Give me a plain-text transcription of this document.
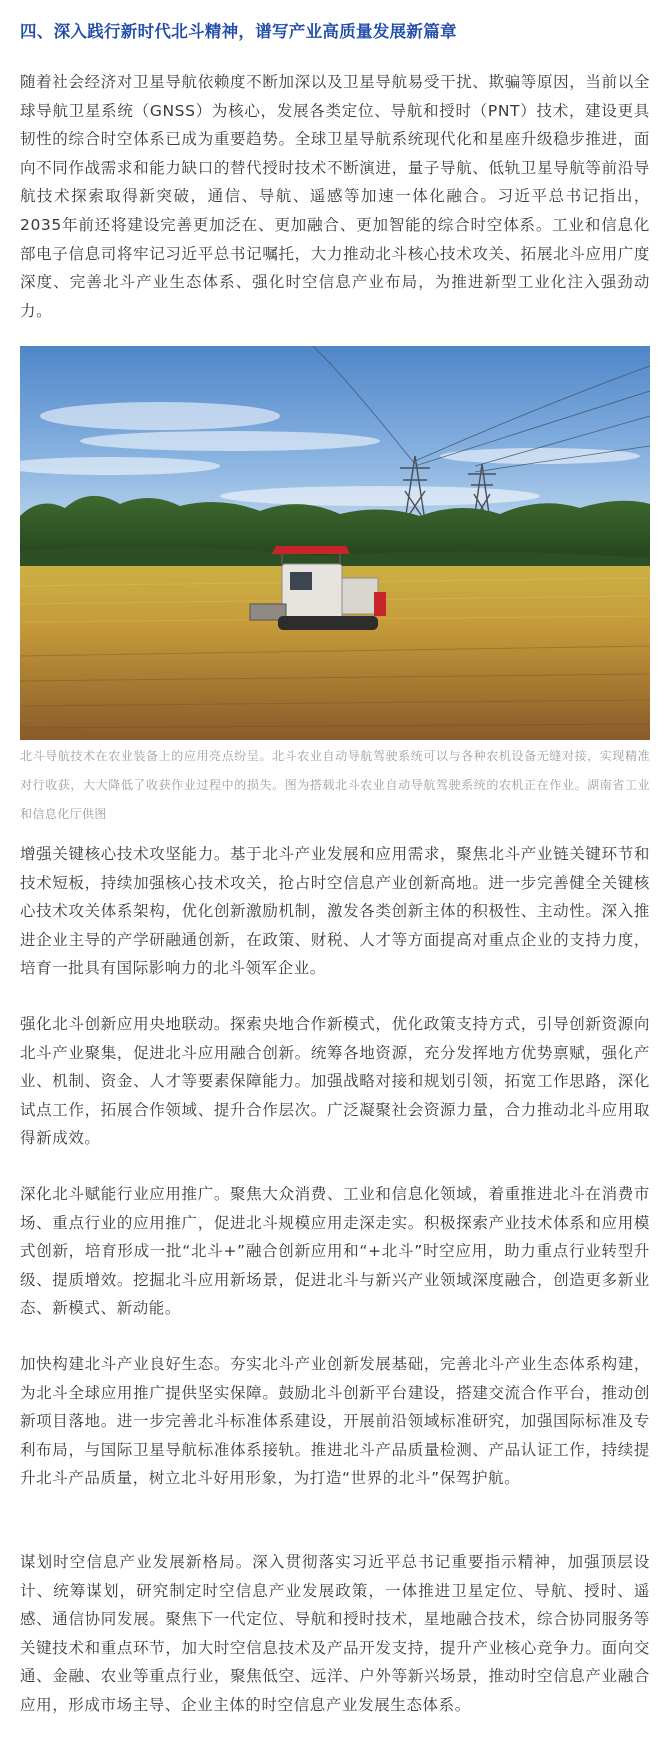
四、深入践行新时代北斗精神，谱写产业高质量发展新篇章

随着社会经济对卫星导航依赖度不断加深以及卫星导航易受干扰、欺骗等原因，当前以全球导航卫星系统（GNSS）为核心，发展各类定位、导航和授时（PNT）技术，建设更具韧性的综合时空体系已成为重要趋势。全球卫星导航系统现代化和星座升级稳步推进，面向不同作战需求和能力缺口的替代授时技术不断演进，量子导航、低轨卫星导航等前沿导航技术探索取得新突破，通信、导航、遥感等加速一体化融合。习近平总书记指出，2035年前还将建设完善更加泛在、更加融合、更加智能的综合时空体系。工业和信息化部电子信息司将牢记习近平总书记嘱托，大力推动北斗核心技术攻关、拓展北斗应用广度深度、完善北斗产业生态体系、强化时空信息产业布局，为推进新型工业化注入强劲动力。

北斗导航技术在农业装备上的应用亮点纷呈。北斗农业自动导航驾驶系统可以与各种农机设备无缝对接，实现精准对行收获，大大降低了收获作业过程中的损失。图为搭载北斗农业自动导航驾驶系统的农机正在作业。湖南省工业和信息化厅供图

增强关键核心技术攻坚能力。基于北斗产业发展和应用需求，聚焦北斗产业链关键环节和技术短板，持续加强核心技术攻关，抢占时空信息产业创新高地。进一步完善健全关键核心技术攻关体系架构，优化创新激励机制，激发各类创新主体的积极性、主动性。深入推进企业主导的产学研融通创新，在政策、财税、人才等方面提高对重点企业的支持力度，培育一批具有国际影响力的北斗领军企业。

强化北斗创新应用央地联动。探索央地合作新模式，优化政策支持方式，引导创新资源向北斗产业聚集，促进北斗应用融合创新。统筹各地资源，充分发挥地方优势禀赋，强化产业、机制、资金、人才等要素保障能力。加强战略对接和规划引领，拓宽工作思路，深化试点工作，拓展合作领域、提升合作层次。广泛凝聚社会资源力量，合力推动北斗应用取得新成效。

深化北斗赋能行业应用推广。聚焦大众消费、工业和信息化领域，着重推进北斗在消费市场、重点行业的应用推广，促进北斗规模应用走深走实。积极探索产业技术体系和应用模式创新，培育形成一批“北斗+”融合创新应用和“+北斗”时空应用，助力重点行业转型升级、提质增效。挖掘北斗应用新场景，促进北斗与新兴产业领域深度融合，创造更多新业态、新模式、新动能。

加快构建北斗产业良好生态。夯实北斗产业创新发展基础，完善北斗产业生态体系构建，为北斗全球应用推广提供坚实保障。鼓励北斗创新平台建设，搭建交流合作平台，推动创新项目落地。进一步完善北斗标准体系建设，开展前沿领域标准研究，加强国际标准及专利布局，与国际卫星导航标准体系接轨。推进北斗产品质量检测、产品认证工作，持续提升北斗产品质量，树立北斗好用形象，为打造“世界的北斗”保驾护航。

谋划时空信息产业发展新格局。深入贯彻落实习近平总书记重要指示精神，加强顶层设计、统筹谋划，研究制定时空信息产业发展政策，一体推进卫星定位、导航、授时、遥感、通信协同发展。聚焦下一代定位、导航和授时技术，星地融合技术，综合协同服务等关键技术和重点环节，加大时空信息技术及产品开发支持，提升产业核心竞争力。面向交通、金融、农业等重点行业，聚焦低空、远洋、户外等新兴场景，推动时空信息产业融合应用，形成市场主导、企业主体的时空信息产业发展生态体系。
